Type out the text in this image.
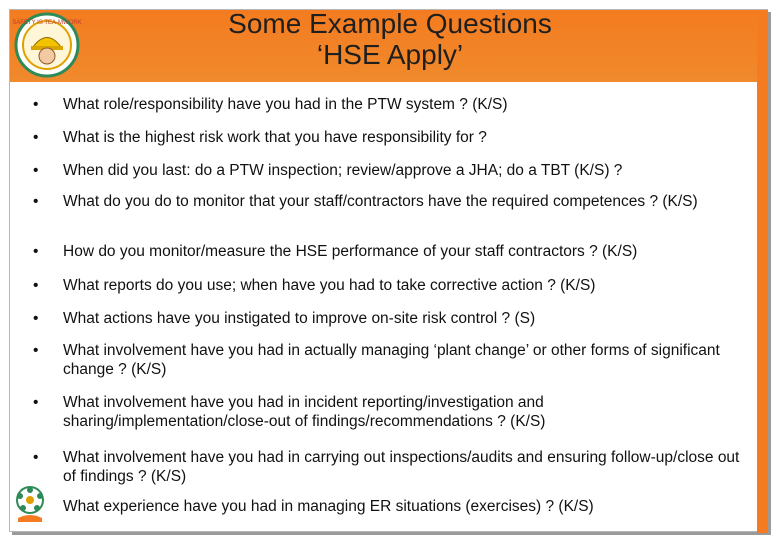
SAFETY IS TEA-MWORK	Some Example Questions
‘HSE Apply’
• What role/responsibility have you had in the PTW system ? (K/S)
• What is the highest risk work that you have responsibility for ?
• When did you last: do a PTW inspection; review/approve a JHA; do a TBT (K/S) ?
• What do you do to monitor that your staff/contractors have the required competences ? (K/S)
• How do you monitor/measure the HSE performance of your staff contractors ? (K/S)
• What reports do you use; when have you had to take corrective action ? (K/S)
• What actions have you instigated to improve on-site risk control ? (S)
• What involvement have you had in actually managing ‘plant change’ or other forms of significant change ? (K/S)
• What involvement have you had in incident reporting/investigation and sharing/implementation/close-out of findings/recommendations ? (K/S)
• What involvement have you had in carrying out inspections/audits and ensuring follow-up/close out of findings ? (K/S)
What experience have you had in managing ER situations (exercises) ? (K/S)
